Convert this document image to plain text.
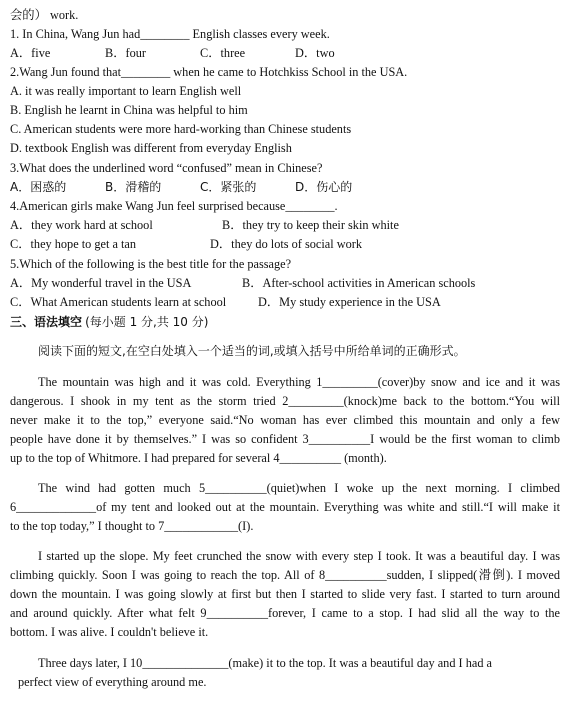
会的） work.
1. In China, Wang Jun had________ English classes every week.
A．five	B．four	C．three	D．two
2.Wang Jun found that________ when he came to Hotchkiss School in the USA.
A. it was really important to learn English well
B. English he learnt in China was helpful to him
C. American students were more hard-working than Chinese students
D. textbook English was different from everyday English
3.What does the underlined word “confused” mean in Chinese?
A．困惑的	B．滑稽的	C．紧张的	D．伤心的
4.American girls make Wang Jun feel surprised because________.
A．they work hard at school	B．they try to keep their skin white
C．they hope to get a tan	D．they do lots of social work
5.Which of the following is the best title for the passage?
A．My wonderful travel in the USA	B．After-school activities in American schools
C．What American students learn at school	D．My study experience in the USA
三、语法填空 (每小题 1 分,共 10 分)
阅读下面的短文,在空白处填入一个适当的词,或填入括号中所给单词的正确形式。
The mountain was high and it was cold. Everything 1_________(cover)by snow and ice and it was
dangerous. I shook in my tent as the storm tried 2_________(knock)me back to the bottom.“You will
never make it to the top,” everyone said.“No woman has ever climbed this mountain and only a few
people have done it by themselves.” I was so confident 3__________I would be the first woman to climb
up to the top of Whitmore. I had prepared for several 4__________ (month).
The wind had gotten much 5__________(quiet)when I woke up the next morning. I climbed
6_____________of my tent and looked out at the mountain. Everything was white and still.“I will make it
to the top today,” I thought to 7____________(I).
I started up the slope. My feet crunched the snow with every step I took. It was a beautiful day. I was
climbing quickly. Soon I was going to reach the top. All of 8__________sudden, I slipped(滑倒). I moved
down the mountain. I was going slowly at first but then I started to slide very fast. I started to turn around
and around quickly. After what felt 9__________forever, I came to a stop. I had slid all the way to the
bottom. I was alive. I couldn't believe it.
Three days later, I 10______________(make) it to the top. It was a beautiful day and I had a
perfect view of everything around me.
